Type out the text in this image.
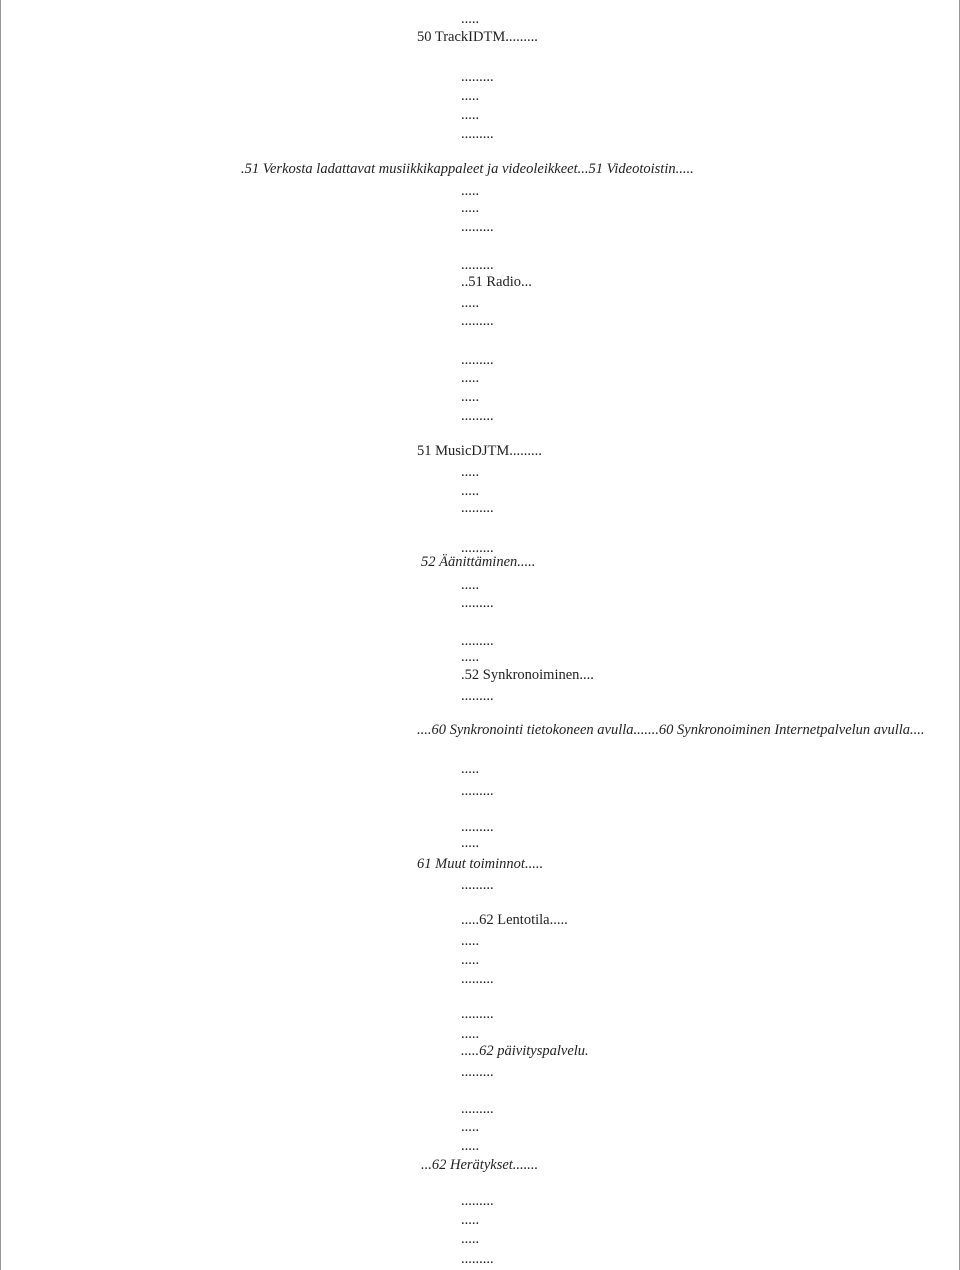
.....
50 TrackIDTM.........
.........
.....
.....
.........
.51 Verkosta ladattavat musiikkikappaleet ja videoleikkeet...51 Videotoistin.....
.....
.....
.........
.........
..51 Radio...
.....
.........
.........
.....
.....
.........
51 MusicDJTM.........
.....
.....
.........
.........
52 Äänittäminen.....
.....
.........
.........
.....
.52 Synkronoiminen....
.........
....60 Synkronointi tietokoneen avulla.......60 Synkronoiminen Internetpalvelun avulla....
.....
.........
.........
.....
61 Muut toiminnot.....
.........
.....62 Lentotila.....
.....
.....
.........
.........
.....
.....62 päivityspalvelu.
.........
.........
.....
.....
...62 Herätykset.......
.........
.....
.....
.........
